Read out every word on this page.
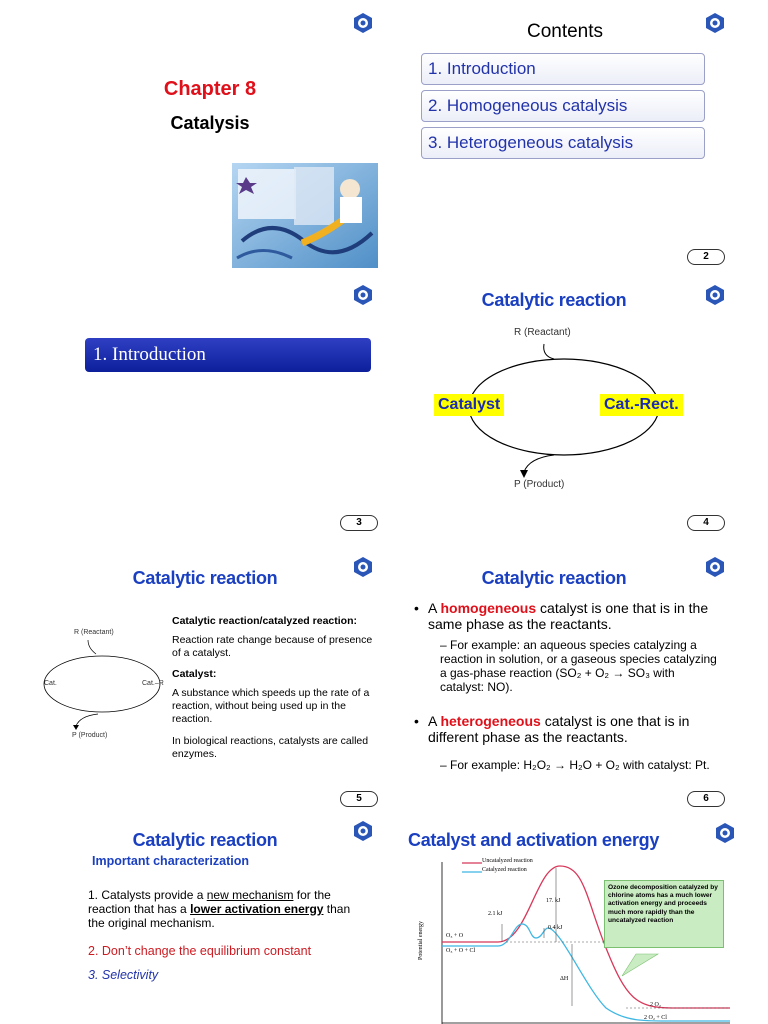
Chapter 8
Catalysis
Contents
1. Introduction
2. Homogeneous catalysis
3. Heterogeneous catalysis
2
1. Introduction
3
Catalytic reaction
R (Reactant)
P (Product)
Catalyst	Cat.-Rect.
4
Catalytic reaction
R (Reactant)
P (Product)
Cat.	Cat.–R
Catalytic reaction/catalyzed reaction:
Reaction rate change because of presence of a catalyst.
Catalyst:
A substance which speeds up the rate of a reaction, without being used up in the reaction.
In biological reactions, catalysts are called enzymes.
5
Catalytic reaction
• A homogeneous catalyst is one that is in the same phase as the reactants.
– For example: an aqueous species catalyzing a reaction in solution, or a gaseous species catalyzing a gas-phase reaction (SO₂ + O₂ → SO₃ with catalyst: NO).
• A heterogeneous catalyst is one that is in different phase as the reactants.
– For example: H₂O₂ → H₂O + O₂ with catalyst: Pt.
6
Catalytic reaction
Important characterization
1. Catalysts provide a new mechanism for the reaction that has a lower activation energy than the original mechanism.
2. Don’t change the equilibrium constant
3. Selectivity
Catalyst and activation energy
Uncatalyzed reaction
Catalyzed reaction
2.1 kJ
17. kJ
0.4 kJ
O₃ + O
O₃ + O + Cl
ΔH
2 O₂
2 O₂ + Cl
Potential energy
Ozone decomposition catalyzed by chlorine atoms has a much lower activation energy and proceeds much more rapidly than the uncatalyzed reaction
